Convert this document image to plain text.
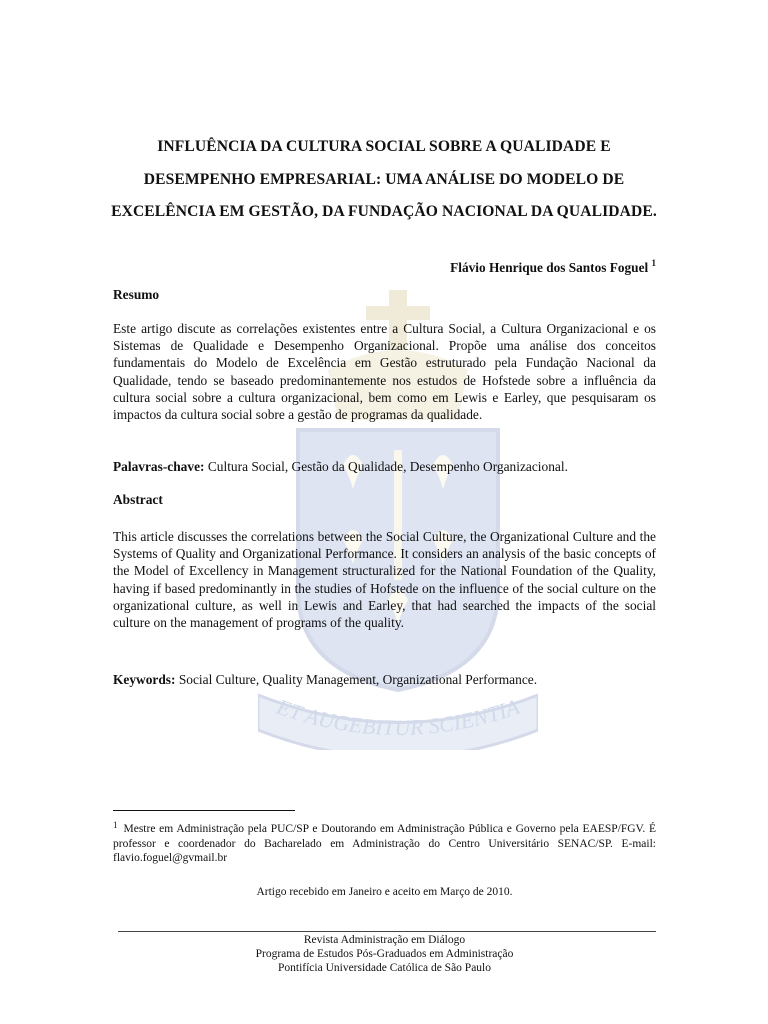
ET AUGEBITUR SCIENTIA
INFLUÊNCIA DA CULTURA SOCIAL SOBRE A QUALIDADE E DESEMPENHO EMPRESARIAL: UMA ANÁLISE DO MODELO DE EXCELÊNCIA EM GESTÃO, DA FUNDAÇÃO NACIONAL DA QUALIDADE.
Flávio Henrique dos Santos Foguel $^1$
Resumo
Este artigo discute as correlações existentes entre a Cultura Social, a Cultura Organizacional e os Sistemas de Qualidade e Desempenho Organizacional. Propõe uma análise dos conceitos fundamentais do Modelo de Excelência em Gestão estruturado pela Fundação Nacional da Qualidade, tendo se baseado predominantemente nos estudos de Hofstede sobre a influência da cultura social sobre a cultura organizacional, bem como em Lewis e Earley, que pesquisaram os impactos da cultura social sobre a gestão de programas da qualidade.
Palavras-chave: Cultura Social, Gestão da Qualidade, Desempenho Organizacional.
Abstract
This article discusses the correlations between the Social Culture, the Organizational Culture and the Systems of Quality and Organizational Performance. It considers an analysis of the basic concepts of the Model of Excellency in Management structuralized for the National Foundation of the Quality, having if based predominantly in the studies of Hofstede on the influence of the social culture on the organizational culture, as well in Lewis and Earley, that had searched the impacts of the social culture on the management of programs of the quality.
Keywords: Social Culture, Quality Management, Organizational Performance.
$^1$ Mestre em Administração pela PUC/SP e Doutorando em Administração Pública e Governo pela EAESP/FGV. É professor e coordenador do Bacharelado em Administração do Centro Universitário SENAC/SP. E-mail: flavio.foguel@gvmail.br
Artigo recebido em Janeiro e aceito em Março de 2010.
Revista Administração em Diálogo
Programa de Estudos Pós-Graduados em Administração
Pontifícia Universidade Católica de São Paulo
